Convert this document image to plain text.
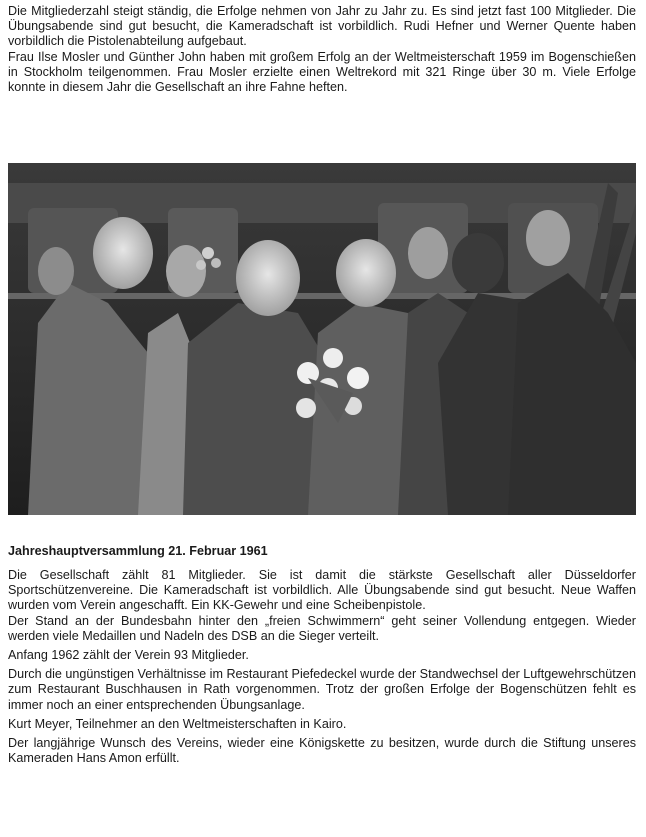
Die Mitgliederzahl steigt ständig, die Erfolge nehmen von Jahr zu Jahr zu. Es sind jetzt fast 100 Mitglieder. Die Übungsabende sind gut besucht, die Kameradschaft ist vorbildlich. Rudi Hefner und Werner Quente haben vorbildlich die Pistolenabteilung aufgebaut.

Frau Ilse Mosler und Günther John haben mit großem Erfolg an der Weltmeisterschaft 1959 im Bogenschießen in Stockholm teilgenommen. Frau Mosler erzielte einen Weltrekord mit 321 Ringe über 30 m. Viele Erfolge konnte in diesem Jahr die Gesellschaft an ihre Fahne heften.

Jahreshauptversammlung 21. Februar 1961

Die Gesellschaft zählt 81 Mitglieder. Sie ist damit die stärkste Gesellschaft aller Düsseldorfer Sportschützenvereine. Die Kameradschaft ist vorbildlich. Alle Übungsabende sind gut besucht. Neue Waffen wurden vom Verein angeschafft. Ein KK-Gewehr und eine Scheibenpistole.
Der Stand an der Bundesbahn hinter den „freien Schwimmern“ geht seiner Vollendung entgegen. Wieder werden viele Medaillen und Nadeln des DSB an die Sieger verteilt.

Anfang 1962 zählt der Verein 93 Mitglieder.

Durch die ungünstigen Verhältnisse im Restaurant Piefedeckel wurde der Standwechsel der Luftgewehrschützen zum Restaurant Buschhausen in Rath vorgenommen. Trotz der großen Erfolge der Bogenschützen fehlt es immer noch an einer entsprechenden Übungsanlage.

Kurt Meyer, Teilnehmer an den Weltmeisterschaften in Kairo.

Der langjährige Wunsch des Vereins, wieder eine Königskette zu besitzen, wurde durch die Stiftung unseres Kameraden Hans Amon erfüllt.
